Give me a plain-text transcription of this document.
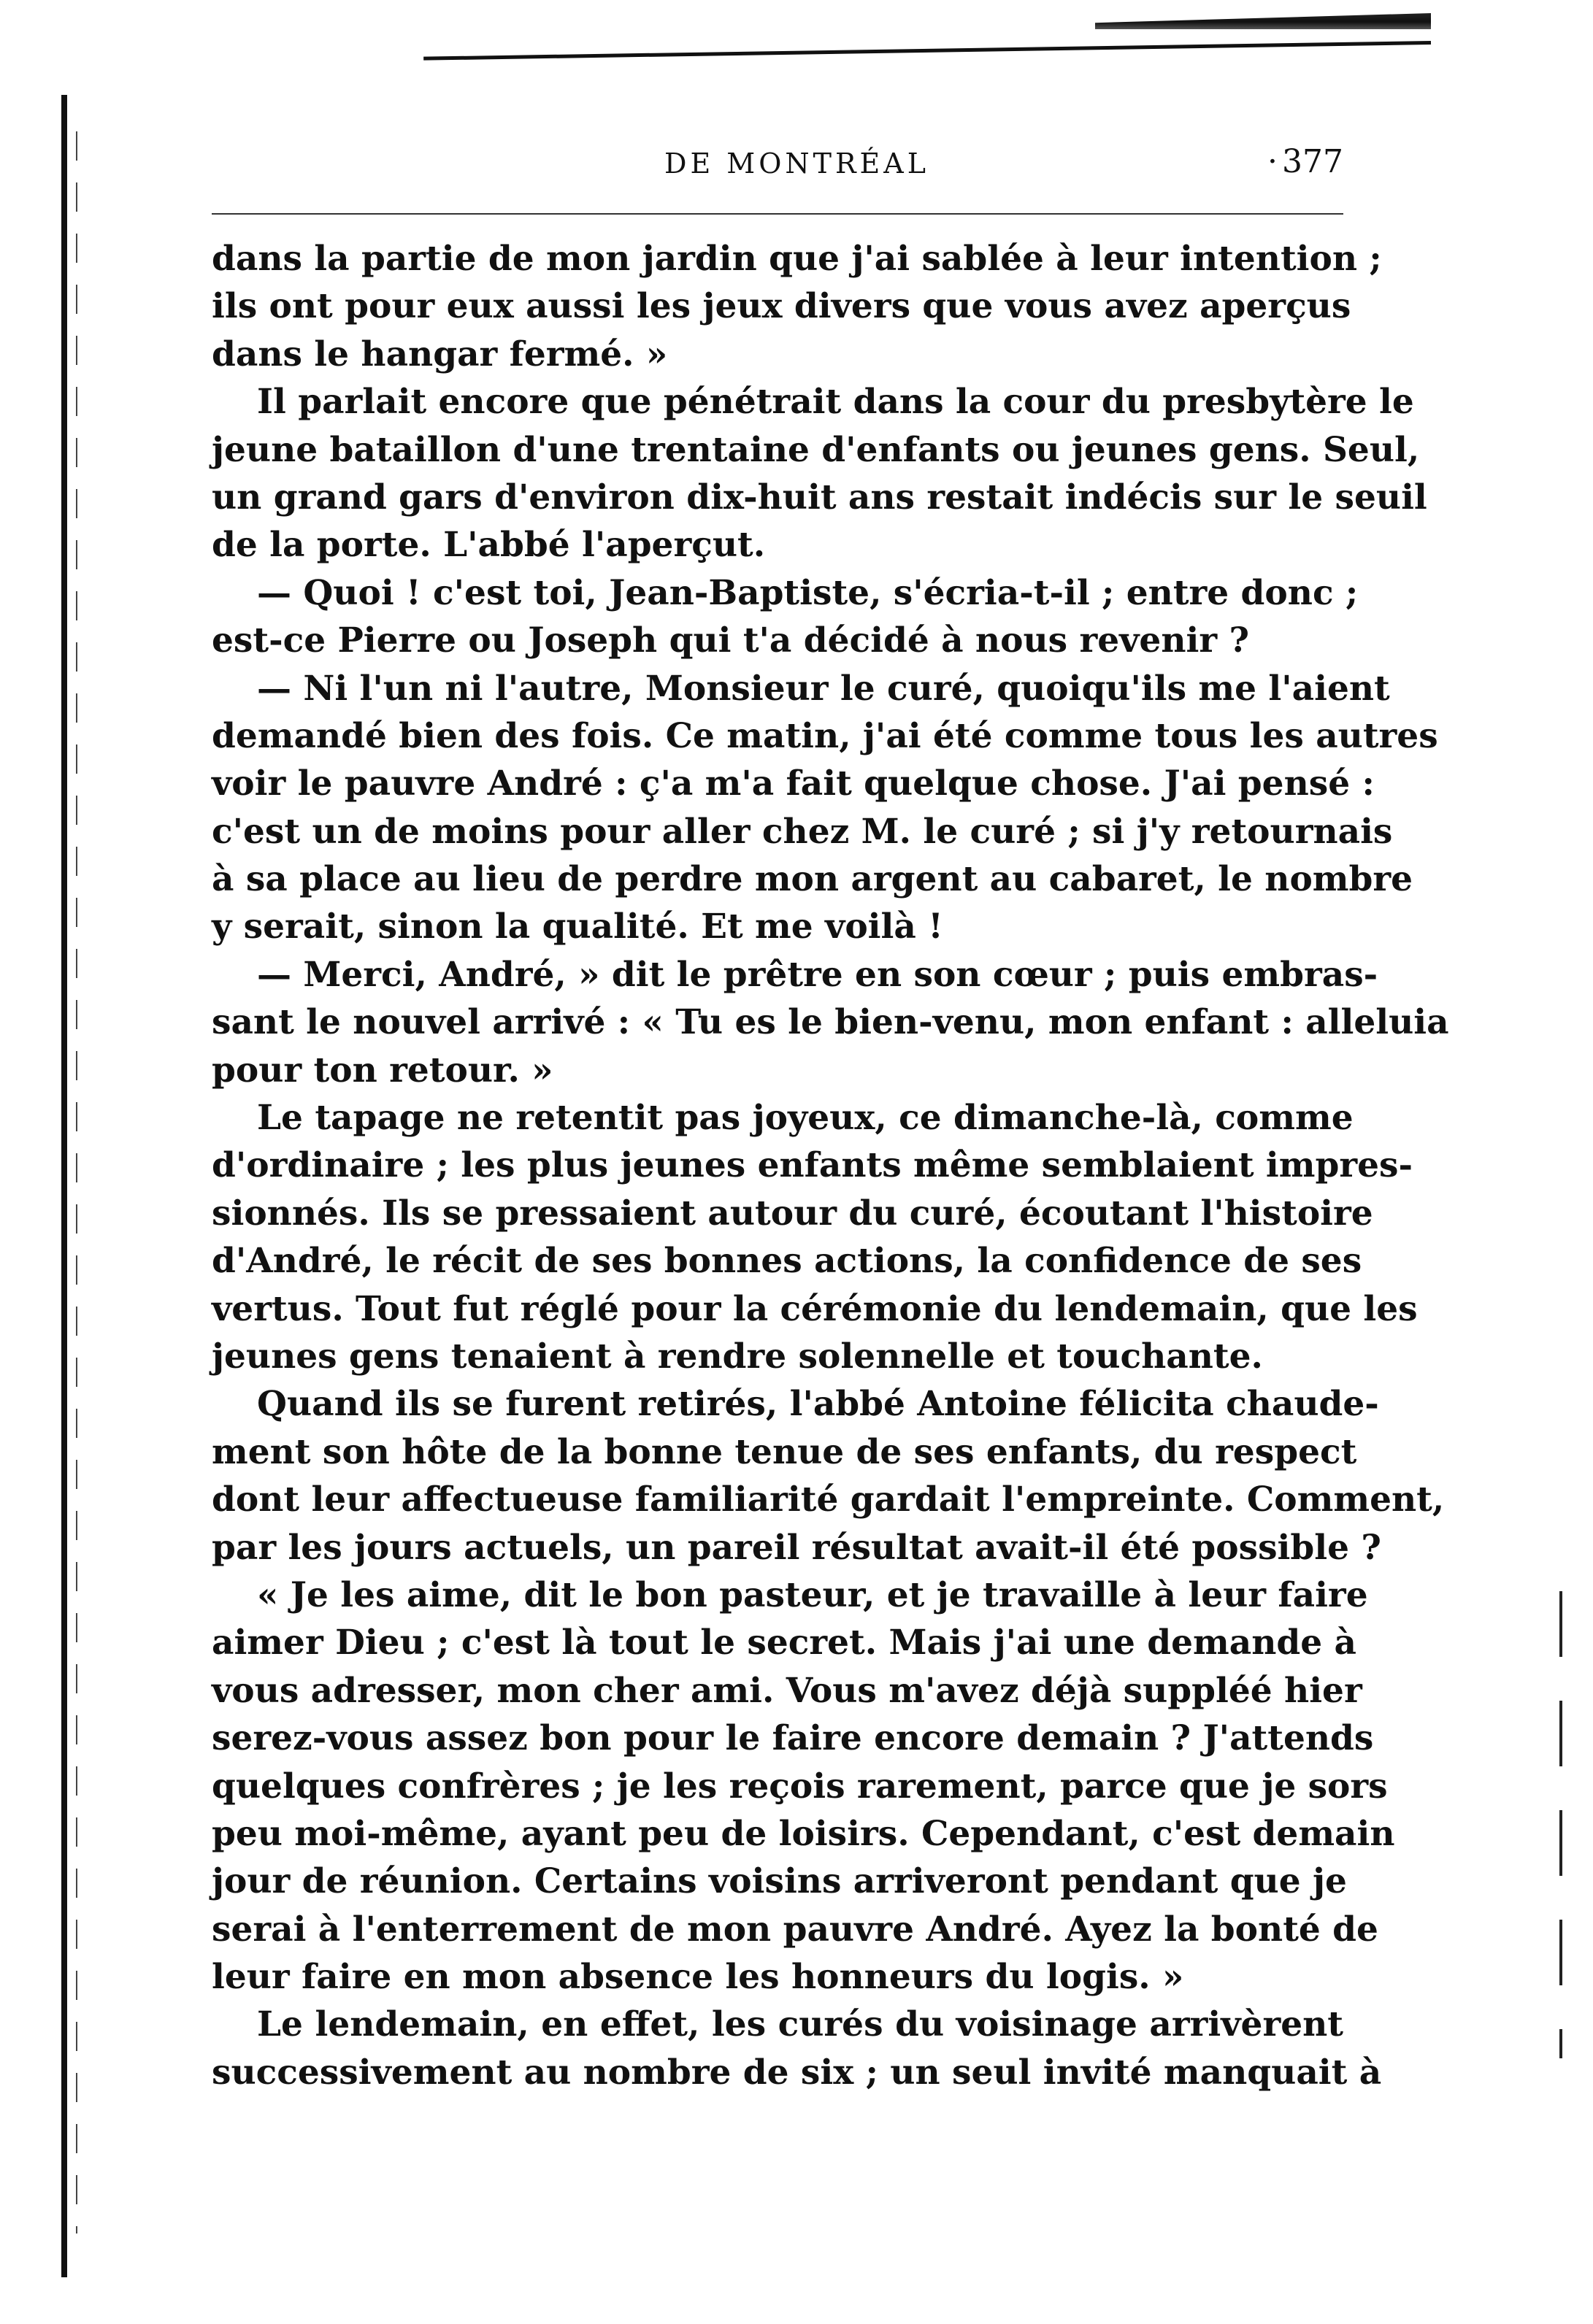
DE MONTRÉAL
·	377
dans la partie de mon jardin que j'ai sablée à leur intention ;
ils ont pour eux aussi les jeux divers que vous avez aperçus
dans le hangar fermé. »
Il parlait encore que pénétrait dans la cour du presbytère le
jeune bataillon d'une trentaine d'enfants ou jeunes gens. Seul,
un grand gars d'environ dix-huit ans restait indécis sur le seuil
de la porte. L'abbé l'aperçut.
— Quoi ! c'est toi, Jean-Baptiste, s'écria-t-il ; entre donc ;
est-ce Pierre ou Joseph qui t'a décidé à nous revenir ?
— Ni l'un ni l'autre, Monsieur le curé, quoiqu'ils me l'aient
demandé bien des fois. Ce matin, j'ai été comme tous les autres
voir le pauvre André : ç'a m'a fait quelque chose. J'ai pensé :
c'est un de moins pour aller chez M. le curé ; si j'y retournais
à sa place au lieu de perdre mon argent au cabaret, le nombre
y serait, sinon la qualité. Et me voilà !
— Merci, André, » dit le prêtre en son cœur ; puis embras-
sant le nouvel arrivé : « Tu es le bien-venu, mon enfant : alleluia
pour ton retour. »
Le tapage ne retentit pas joyeux, ce dimanche-là, comme
d'ordinaire ; les plus jeunes enfants même semblaient impres-
sionnés. Ils se pressaient autour du curé, écoutant l'histoire
d'André, le récit de ses bonnes actions, la confidence de ses
vertus. Tout fut réglé pour la cérémonie du lendemain, que les
jeunes gens tenaient à rendre solennelle et touchante.
Quand ils se furent retirés, l'abbé Antoine félicita chaude-
ment son hôte de la bonne tenue de ses enfants, du respect
dont leur affectueuse familiarité gardait l'empreinte. Comment,
par les jours actuels, un pareil résultat avait-il été possible ?
« Je les aime, dit le bon pasteur, et je travaille à leur faire
aimer Dieu ; c'est là tout le secret. Mais j'ai une demande à
vous adresser, mon cher ami. Vous m'avez déjà suppléé hier
serez-vous assez bon pour le faire encore demain ? J'attends
quelques confrères ; je les reçois rarement, parce que je sors
peu moi-même, ayant peu de loisirs. Cependant, c'est demain
jour de réunion. Certains voisins arriveront pendant que je
serai à l'enterrement de mon pauvre André. Ayez la bonté de
leur faire en mon absence les honneurs du logis. »
Le lendemain, en effet, les curés du voisinage arrivèrent
successivement au nombre de six ; un seul invité manquait à
